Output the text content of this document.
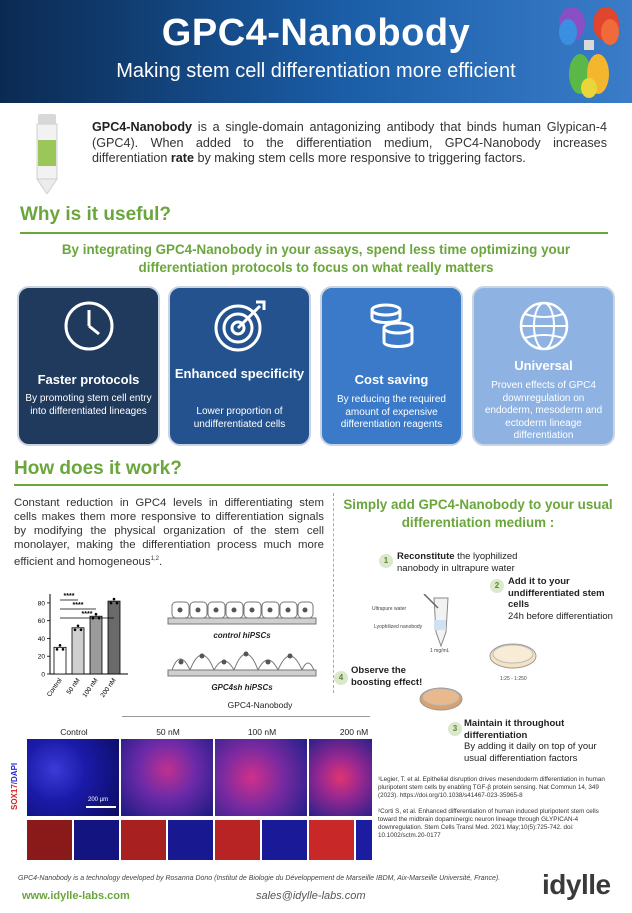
GPC4-Nanobody
Making stem cell differentiation more efficient

GPC4-Nanobody is a single-domain antagonizing antibody that binds human Glypican-4 (GPC4). When added to the differentiation medium, GPC4-Nanobody increases differentiation rate by making stem cells more responsive to triggering factors.

Why is it useful?
By integrating GPC4-Nanobody in your assays, spend less time optimizing your differentiation protocols to focus on what really matters
Faster protocols
By promoting stem cell entry into differentiated lineages
Enhanced specificity
Lower proportion of undifferentiated cells
Cost saving
By reducing the required amount of expensive differentiation reagents
Universal
Proven effects of GPC4 downregulation on endoderm, mesoderm and ectoderm lineage differentiation
How does it work?

Constant reduction in GPC4 levels in differentiating stem cells makes them more responsive to differentiation signals by modifying the physical organization of the stem cell monolayer, making the differentiation process much more efficient and homogeneous$^{1,2}$.

Simply add GPC4-Nanobody to your usual differentiation medium :
0
20
40
60
80
Control 50 nM 100 nM 200 nM
****
****
****
control hiPSCs
GPC4sh hiPSCs
1 Reconstitute the lyophilized nanobody in ultrapure water
2 Add it to your undifferentiated stem cells
24h before differentiation
Ultrapure water
Lyophilized nanobody
1 mg/mL
1:25 - 1:250
4
Observe the boosting effect!
3 Maintain it throughout differentiation
By adding it daily on top of your usual differentiation factors
GPC4-Nanobody
Control	50 nM	100 nM	200 nM
SOX17/DAPI
200 µm

¹Legier, T. et al. Epithelial disruption drives mesendoderm differentiation in human pluripotent stem cells by enabling TGF-β protein sensing. Nat Commun 14, 349 (2023). https://doi.org/10.1038/s41467-023-35965-8

²Corti S, et al. Enhanced differentiation of human induced pluripotent stem cells toward the midbrain dopaminergic neuron lineage through GLYPICAN-4 downregulation. Stem Cells Transl Med. 2021 May;10(5):725-742. doi: 10.1002/sctm.20-0177

GPC4-Nanobody is a technology developed by Rosanna Dono (Institut de Biologie du Développement de Marseille IBDM, Aix-Marseille Université, France).
www.idylle-labs.com	sales@idylle-labs.com	idylle
